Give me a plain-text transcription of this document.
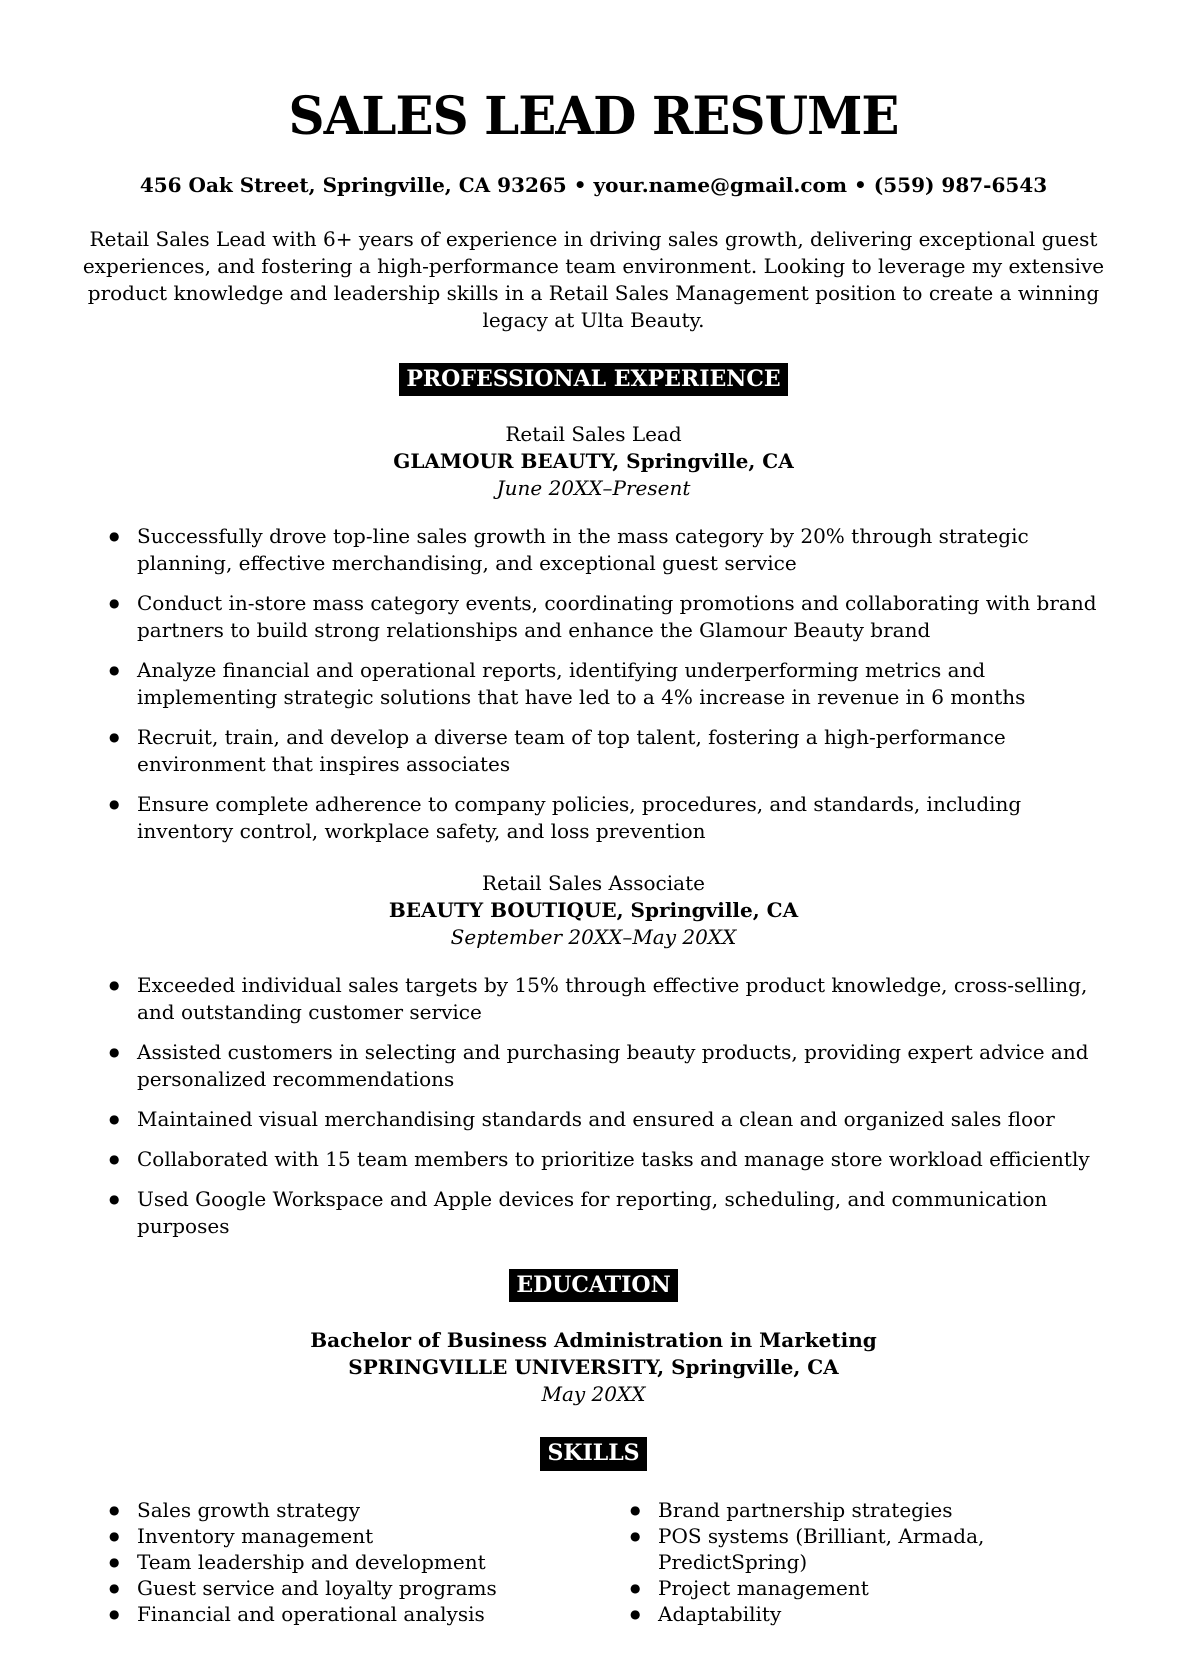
SALES LEAD RESUME
456 Oak Street, Springville, CA 93265 • your.name@gmail.com • (559) 987-6543

Retail Sales Lead with 6+ years of experience in driving sales growth, delivering exceptional guest experiences, and fostering a high-performance team environment. Looking to leverage my extensive product knowledge and leadership skills in a Retail Sales Management position to create a winning legacy at Ulta Beauty.

PROFESSIONAL EXPERIENCE
Retail Sales Lead
GLAMOUR BEAUTY, Springville, CA
June 20XX–Present
● Successfully drove top-line sales growth in the mass category by 20% through strategic planning, effective merchandising, and exceptional guest service
● Conduct in-store mass category events, coordinating promotions and collaborating with brand partners to build strong relationships and enhance the Glamour Beauty brand
● Analyze financial and operational reports, identifying underperforming metrics and implementing strategic solutions that have led to a 4% increase in revenue in 6 months
● Recruit, train, and develop a diverse team of top talent, fostering a high-performance environment that inspires associates
● Ensure complete adherence to company policies, procedures, and standards, including inventory control, workplace safety, and loss prevention
Retail Sales Associate
BEAUTY BOUTIQUE, Springville, CA
September 20XX–May 20XX
● Exceeded individual sales targets by 15% through effective product knowledge, cross-selling, and outstanding customer service
● Assisted customers in selecting and purchasing beauty products, providing expert advice and personalized recommendations
● Maintained visual merchandising standards and ensured a clean and organized sales floor
● Collaborated with 15 team members to prioritize tasks and manage store workload efficiently
● Used Google Workspace and Apple devices for reporting, scheduling, and communication purposes
EDUCATION
Bachelor of Business Administration in Marketing
SPRINGVILLE UNIVERSITY, Springville, CA
May 20XX
SKILLS
● Sales growth strategy
● Inventory management
● Team leadership and development
● Guest service and loyalty programs
● Financial and operational analysis
● Brand partnership strategies
● POS systems (Brilliant, Armada, PredictSpring)
● Project management
● Adaptability
